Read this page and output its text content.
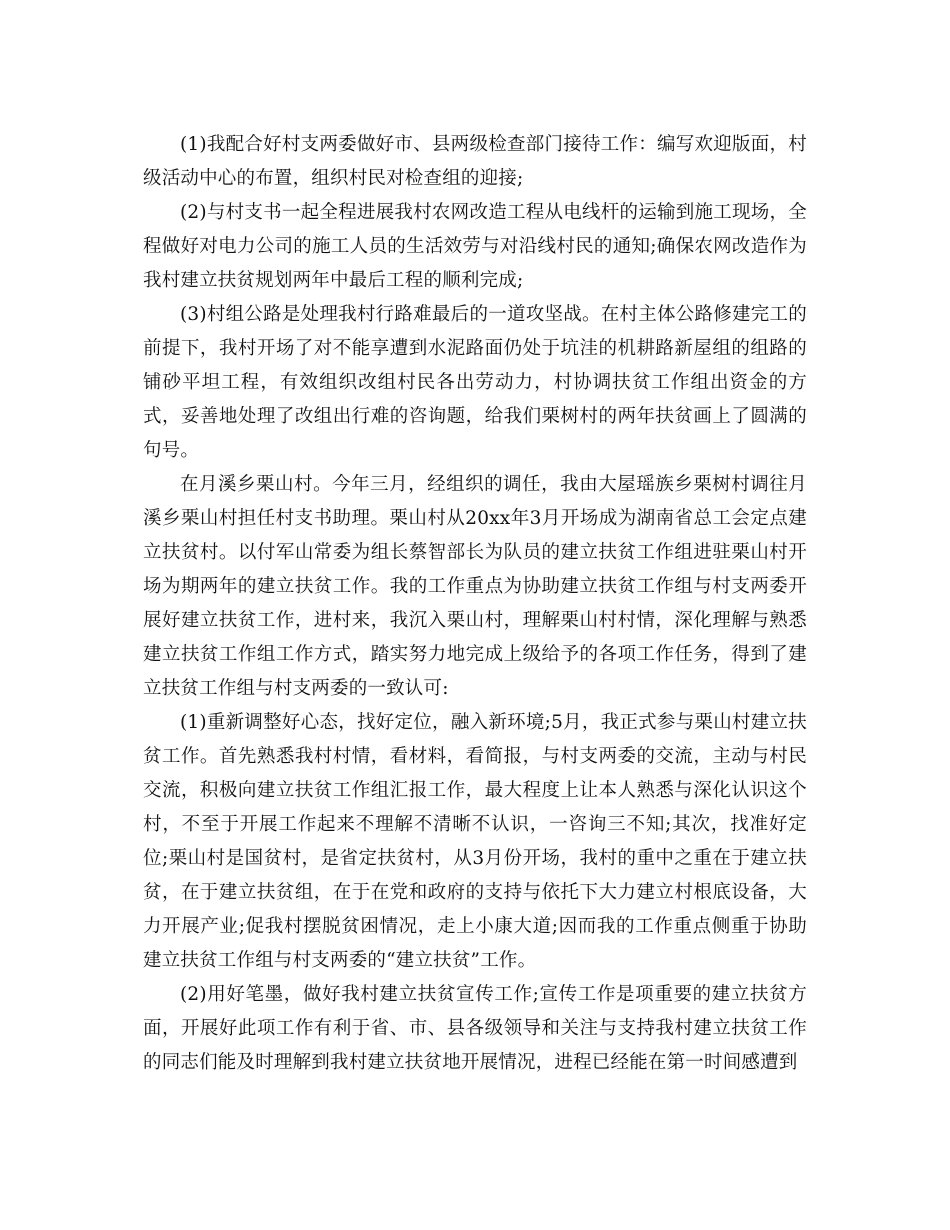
(1)我配合好村支两委做好市、县两级检查部门接待工作：编写欢迎版面，村级活动中心的布置，组织村民对检查组的迎接;

(2)与村支书一起全程进展我村农网改造工程从电线杆的运输到施工现场，全程做好对电力公司的施工人员的生活效劳与对沿线村民的通知;确保农网改造作为我村建立扶贫规划两年中最后工程的顺利完成;

(3)村组公路是处理我村行路难最后的一道攻坚战。在村主体公路修建完工的前提下，我村开场了对不能享遭到水泥路面仍处于坑洼的机耕路新屋组的组路的铺砂平坦工程，有效组织改组村民各出劳动力，村协调扶贫工作组出资金的方式，妥善地处理了改组出行难的咨询题，给我们栗树村的两年扶贫画上了圆满的句号。

在月溪乡栗山村。今年三月，经组织的调任，我由大屋瑶族乡栗树村调往月溪乡栗山村担任村支书助理。栗山村从20xx年3月开场成为湖南省总工会定点建立扶贫村。以付军山常委为组长蔡智部长为队员的建立扶贫工作组进驻栗山村开场为期两年的建立扶贫工作。我的工作重点为协助建立扶贫工作组与村支两委开展好建立扶贫工作，进村来，我沉入栗山村，理解栗山村村情，深化理解与熟悉建立扶贫工作组工作方式，踏实努力地完成上级给予的各项工作任务，得到了建立扶贫工作组与村支两委的一致认可:

(1)重新调整好心态，找好定位，融入新环境;5月，我正式参与栗山村建立扶贫工作。首先熟悉我村村情，看材料，看简报，与村支两委的交流，主动与村民交流，积极向建立扶贫工作组汇报工作，最大程度上让本人熟悉与深化认识这个村，不至于开展工作起来不理解不清晰不认识，一咨询三不知;其次，找准好定位;栗山村是国贫村，是省定扶贫村，从3月份开场，我村的重中之重在于建立扶贫，在于建立扶贫组，在于在党和政府的支持与依托下大力建立村根底设备，大力开展产业;促我村摆脱贫困情况，走上小康大道;因而我的工作重点侧重于协助建立扶贫工作组与村支两委的“建立扶贫”工作。

(2)用好笔墨，做好我村建立扶贫宣传工作;宣传工作是项重要的建立扶贫方面，开展好此项工作有利于省、市、县各级领导和关注与支持我村建立扶贫工作的同志们能及时理解到我村建立扶贫地开展情况，进程已经能在第一时间感遭到
